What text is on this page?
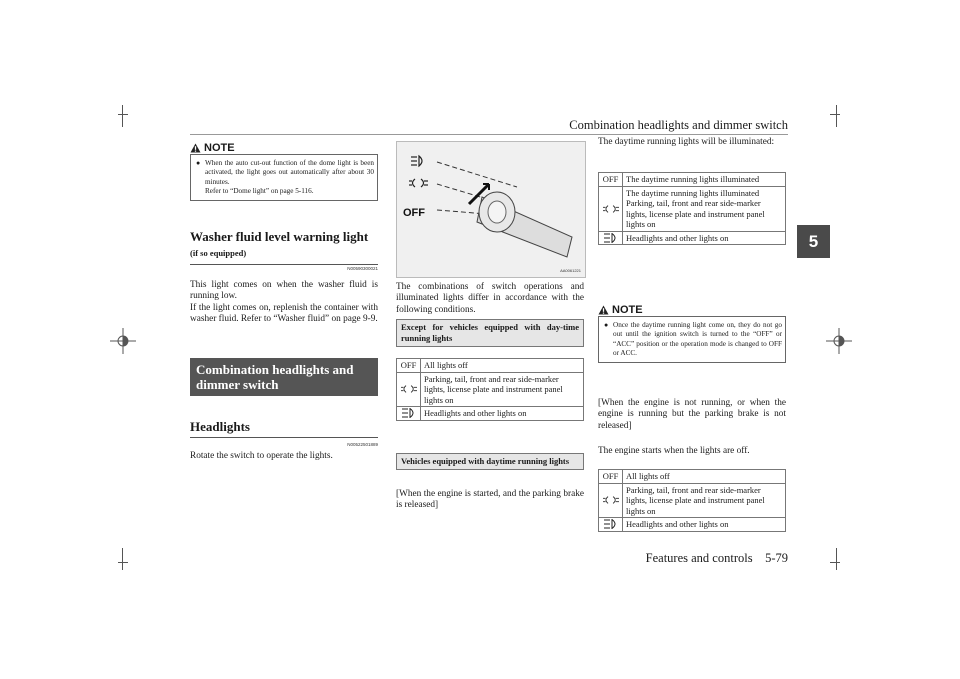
Combination headlights and dimmer switch
5
Features and controls 5-79
NOTE
● When the auto cut-out function of the dome light is been activated, the light goes out automatically after about 30 minutes.
Refer to “Dome light” on page 5-116.
Washer fluid level warning light (if so equipped)
N00590300021

This light comes on when the washer fluid is running low.

If the light comes on, replenish the container with washer fluid. Refer to “Washer fluid” on page 9-9.

Combination headlights and dimmer switch
Headlights
N00522501889

Rotate the switch to operate the lights.

OFF
AA0061221

The combinations of switch operations and illuminated lights differ in accordance with the following conditions.

Except for vehicles equipped with day-time running lights
OFF	All lights off

	Parking, tail, front and rear side-marker lights, license plate and instrument panel lights on

	Headlights and other lights on
Vehicles equipped with daytime running lights

[When the engine is started, and the parking brake is released]

The daytime running lights will be illuminated:

OFF	The daytime running lights illuminated

	The daytime running lights illuminated
Parking, tail, front and rear side-marker lights, license plate and instrument panel lights on

	Headlights and other lights on
NOTE
● Once the daytime running light come on, they do not go out until the ignition switch is turned to the “OFF” or “ACC” position or the operation mode is changed to OFF or ACC.

[When the engine is not running, or when the engine is running but the parking brake is not released]

The engine starts when the lights are off.

OFF	All lights off

	Parking, tail, front and rear side-marker lights, license plate and instrument panel lights on

	Headlights and other lights on
